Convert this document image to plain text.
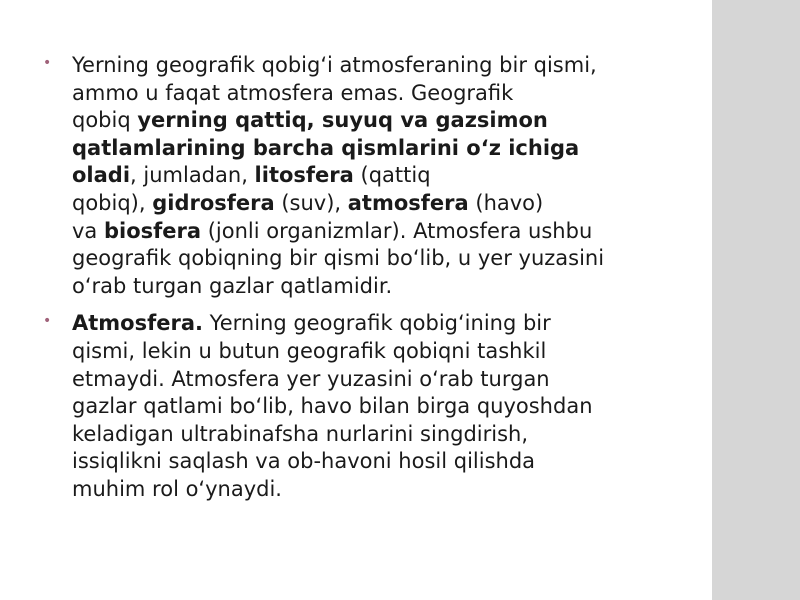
• Yerning geografik qobig‘i atmosferaning bir qismi,
ammo u faqat atmosfera emas. Geografik
qobiq yerning qattiq, suyuq va gazsimon
qatlamlarining barcha qismlarini o‘z ichiga
oladi, jumladan, litosfera (qattiq
qobiq), gidrosfera (suv), atmosfera (havo)
va biosfera (jonli organizmlar). Atmosfera ushbu
geografik qobiqning bir qismi bo‘lib, u yer yuzasini
o‘rab turgan gazlar qatlamidir.
• Atmosfera. Yerning geografik qobig‘ining bir
qismi, lekin u butun geografik qobiqni tashkil
etmaydi. Atmosfera yer yuzasini o‘rab turgan
gazlar qatlami bo‘lib, havo bilan birga quyoshdan
keladigan ultrabinafsha nurlarini singdirish,
issiqlikni saqlash va ob-havoni hosil qilishda
muhim rol o‘ynaydi.
